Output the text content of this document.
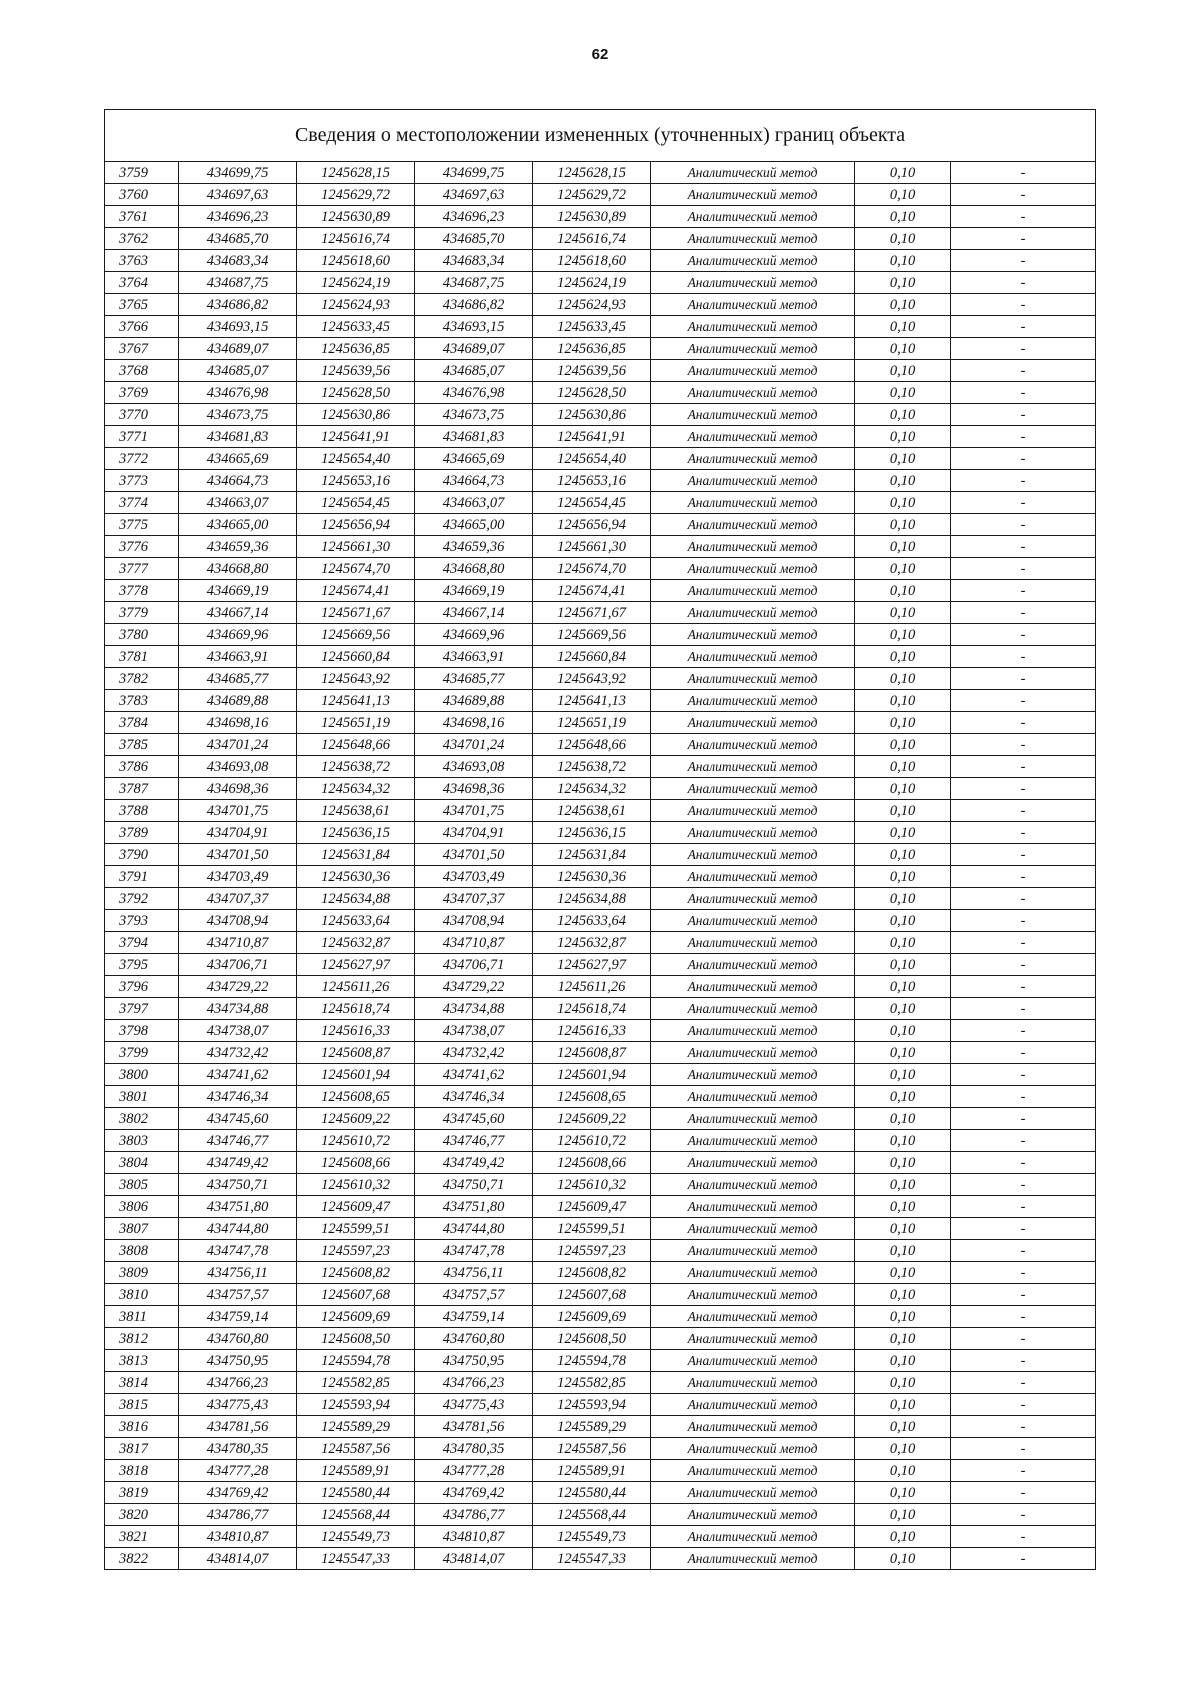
62
Сведения о местоположении измененных (уточненных) границ объекта							
3759	434699,75	1245628,15	434699,75	1245628,15	Аналитический метод	0,10	-
3760	434697,63	1245629,72	434697,63	1245629,72	Аналитический метод	0,10	-
3761	434696,23	1245630,89	434696,23	1245630,89	Аналитический метод	0,10	-
3762	434685,70	1245616,74	434685,70	1245616,74	Аналитический метод	0,10	-
3763	434683,34	1245618,60	434683,34	1245618,60	Аналитический метод	0,10	-
3764	434687,75	1245624,19	434687,75	1245624,19	Аналитический метод	0,10	-
3765	434686,82	1245624,93	434686,82	1245624,93	Аналитический метод	0,10	-
3766	434693,15	1245633,45	434693,15	1245633,45	Аналитический метод	0,10	-
3767	434689,07	1245636,85	434689,07	1245636,85	Аналитический метод	0,10	-
3768	434685,07	1245639,56	434685,07	1245639,56	Аналитический метод	0,10	-
3769	434676,98	1245628,50	434676,98	1245628,50	Аналитический метод	0,10	-
3770	434673,75	1245630,86	434673,75	1245630,86	Аналитический метод	0,10	-
3771	434681,83	1245641,91	434681,83	1245641,91	Аналитический метод	0,10	-
3772	434665,69	1245654,40	434665,69	1245654,40	Аналитический метод	0,10	-
3773	434664,73	1245653,16	434664,73	1245653,16	Аналитический метод	0,10	-
3774	434663,07	1245654,45	434663,07	1245654,45	Аналитический метод	0,10	-
3775	434665,00	1245656,94	434665,00	1245656,94	Аналитический метод	0,10	-
3776	434659,36	1245661,30	434659,36	1245661,30	Аналитический метод	0,10	-
3777	434668,80	1245674,70	434668,80	1245674,70	Аналитический метод	0,10	-
3778	434669,19	1245674,41	434669,19	1245674,41	Аналитический метод	0,10	-
3779	434667,14	1245671,67	434667,14	1245671,67	Аналитический метод	0,10	-
3780	434669,96	1245669,56	434669,96	1245669,56	Аналитический метод	0,10	-
3781	434663,91	1245660,84	434663,91	1245660,84	Аналитический метод	0,10	-
3782	434685,77	1245643,92	434685,77	1245643,92	Аналитический метод	0,10	-
3783	434689,88	1245641,13	434689,88	1245641,13	Аналитический метод	0,10	-
3784	434698,16	1245651,19	434698,16	1245651,19	Аналитический метод	0,10	-
3785	434701,24	1245648,66	434701,24	1245648,66	Аналитический метод	0,10	-
3786	434693,08	1245638,72	434693,08	1245638,72	Аналитический метод	0,10	-
3787	434698,36	1245634,32	434698,36	1245634,32	Аналитический метод	0,10	-
3788	434701,75	1245638,61	434701,75	1245638,61	Аналитический метод	0,10	-
3789	434704,91	1245636,15	434704,91	1245636,15	Аналитический метод	0,10	-
3790	434701,50	1245631,84	434701,50	1245631,84	Аналитический метод	0,10	-
3791	434703,49	1245630,36	434703,49	1245630,36	Аналитический метод	0,10	-
3792	434707,37	1245634,88	434707,37	1245634,88	Аналитический метод	0,10	-
3793	434708,94	1245633,64	434708,94	1245633,64	Аналитический метод	0,10	-
3794	434710,87	1245632,87	434710,87	1245632,87	Аналитический метод	0,10	-
3795	434706,71	1245627,97	434706,71	1245627,97	Аналитический метод	0,10	-
3796	434729,22	1245611,26	434729,22	1245611,26	Аналитический метод	0,10	-
3797	434734,88	1245618,74	434734,88	1245618,74	Аналитический метод	0,10	-
3798	434738,07	1245616,33	434738,07	1245616,33	Аналитический метод	0,10	-
3799	434732,42	1245608,87	434732,42	1245608,87	Аналитический метод	0,10	-
3800	434741,62	1245601,94	434741,62	1245601,94	Аналитический метод	0,10	-
3801	434746,34	1245608,65	434746,34	1245608,65	Аналитический метод	0,10	-
3802	434745,60	1245609,22	434745,60	1245609,22	Аналитический метод	0,10	-
3803	434746,77	1245610,72	434746,77	1245610,72	Аналитический метод	0,10	-
3804	434749,42	1245608,66	434749,42	1245608,66	Аналитический метод	0,10	-
3805	434750,71	1245610,32	434750,71	1245610,32	Аналитический метод	0,10	-
3806	434751,80	1245609,47	434751,80	1245609,47	Аналитический метод	0,10	-
3807	434744,80	1245599,51	434744,80	1245599,51	Аналитический метод	0,10	-
3808	434747,78	1245597,23	434747,78	1245597,23	Аналитический метод	0,10	-
3809	434756,11	1245608,82	434756,11	1245608,82	Аналитический метод	0,10	-
3810	434757,57	1245607,68	434757,57	1245607,68	Аналитический метод	0,10	-
3811	434759,14	1245609,69	434759,14	1245609,69	Аналитический метод	0,10	-
3812	434760,80	1245608,50	434760,80	1245608,50	Аналитический метод	0,10	-
3813	434750,95	1245594,78	434750,95	1245594,78	Аналитический метод	0,10	-
3814	434766,23	1245582,85	434766,23	1245582,85	Аналитический метод	0,10	-
3815	434775,43	1245593,94	434775,43	1245593,94	Аналитический метод	0,10	-
3816	434781,56	1245589,29	434781,56	1245589,29	Аналитический метод	0,10	-
3817	434780,35	1245587,56	434780,35	1245587,56	Аналитический метод	0,10	-
3818	434777,28	1245589,91	434777,28	1245589,91	Аналитический метод	0,10	-
3819	434769,42	1245580,44	434769,42	1245580,44	Аналитический метод	0,10	-
3820	434786,77	1245568,44	434786,77	1245568,44	Аналитический метод	0,10	-
3821	434810,87	1245549,73	434810,87	1245549,73	Аналитический метод	0,10	-
3822	434814,07	1245547,33	434814,07	1245547,33	Аналитический метод	0,10	-
